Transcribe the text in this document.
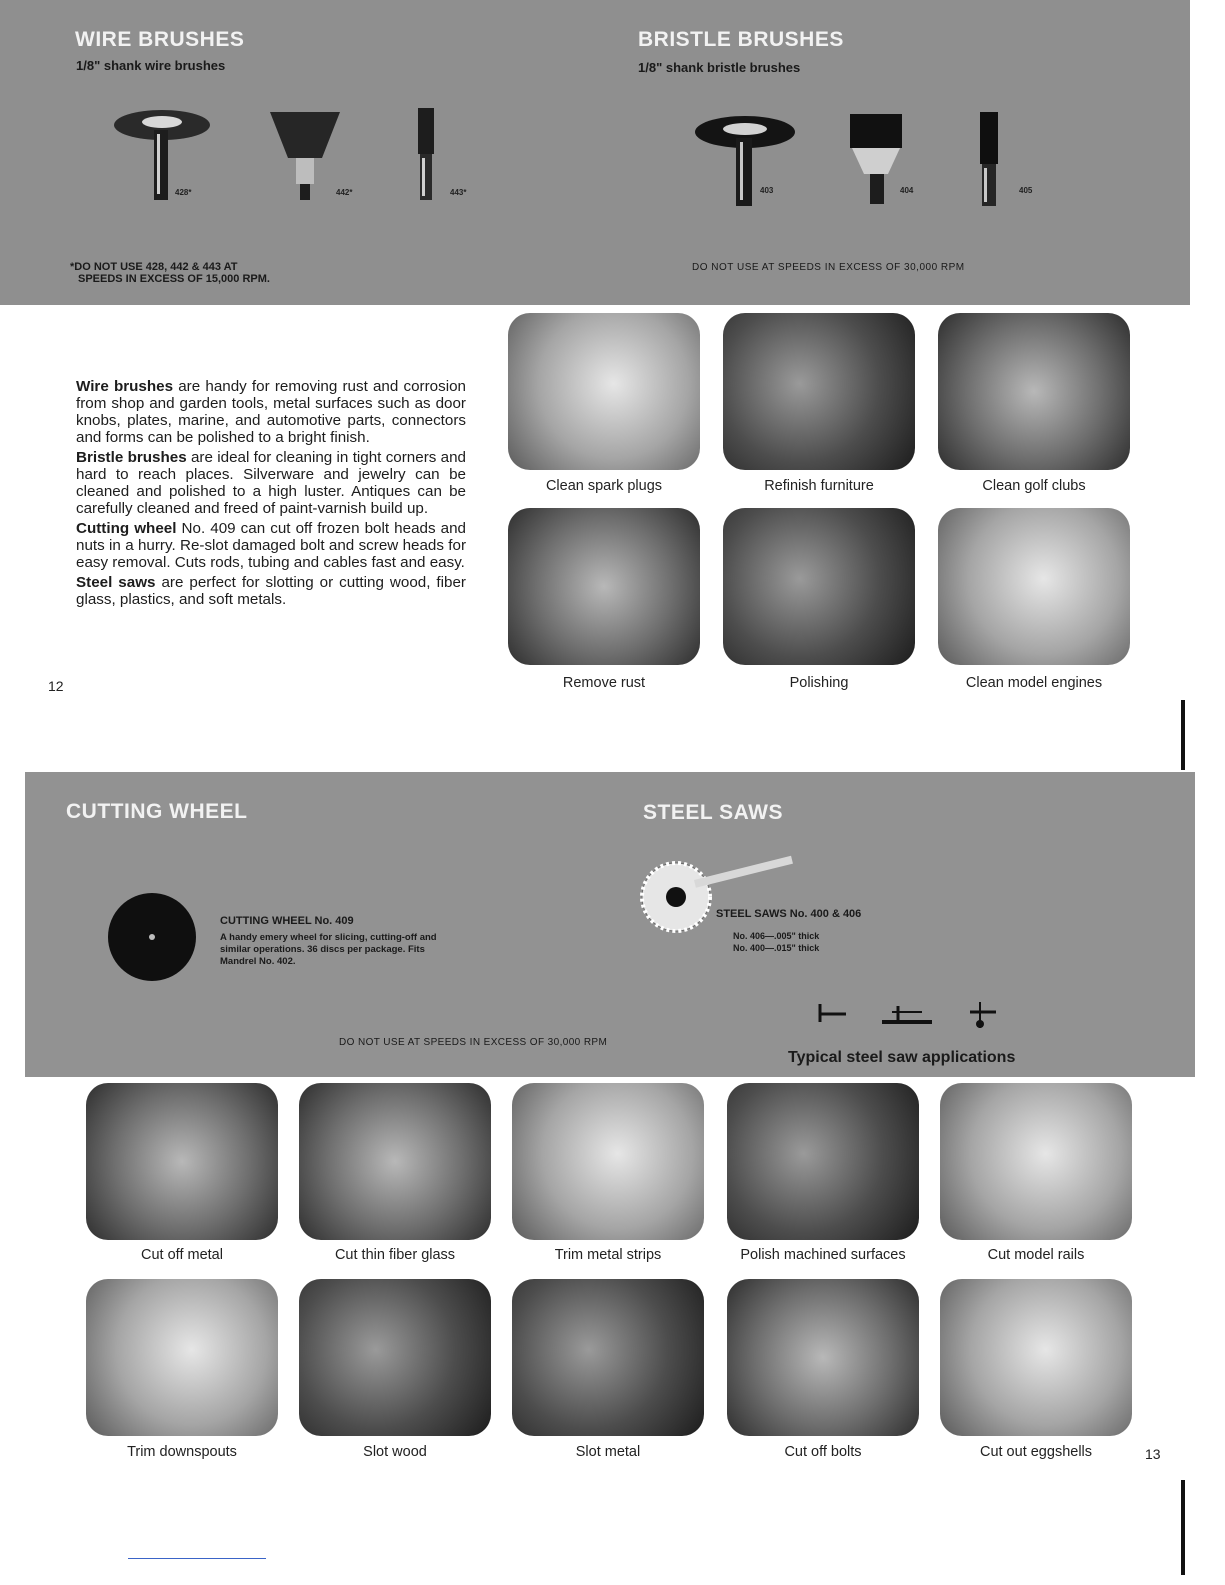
WIRE BRUSHES
1/8" shank wire brushes
428*	442*	443*
*DO NOT USE 428, 442 & 443 AT
SPEEDS IN EXCESS OF 15,000 RPM.
BRISTLE BRUSHES
1/8" shank bristle brushes
403	404	405
DO NOT USE AT SPEEDS IN EXCESS OF 30,000 RPM

Wire brushes are handy for removing rust and corrosion from shop and garden tools, metal surfaces such as door knobs, plates, marine, and automotive parts, connectors and forms can be polished to a bright finish.

Bristle brushes are ideal for cleaning in tight corners and hard to reach places. Silverware and jewelry can be cleaned and polished to a high luster. Antiques can be carefully cleaned and freed of paint-varnish build up.

Cutting wheel No. 409 can cut off frozen bolt heads and nuts in a hurry. Re-slot damaged bolt and screw heads for easy removal. Cuts rods, tubing and cables fast and easy.

Steel saws are perfect for slotting or cutting wood, fiber glass, plastics, and soft metals.

12
Clean spark plugs	Refinish furniture	Clean golf clubs
Remove rust	Polishing	Clean model engines
CUTTING WHEEL	STEEL SAWS
CUTTING WHEEL No. 409
A handy emery wheel for slicing, cutting-off and
similar operations. 36 discs per package. Fits
Mandrel No. 402.
DO NOT USE AT SPEEDS IN EXCESS OF 30,000 RPM
STEEL SAWS No. 400 & 406
No. 406—.005" thick
No. 400—.015" thick
Typical steel saw applications
Cut off metal	Cut thin fiber glass	Trim metal strips	Polish machined surfaces	Cut model rails
Trim downspouts	Slot wood	Slot metal	Cut off bolts	Cut out eggshells	13
